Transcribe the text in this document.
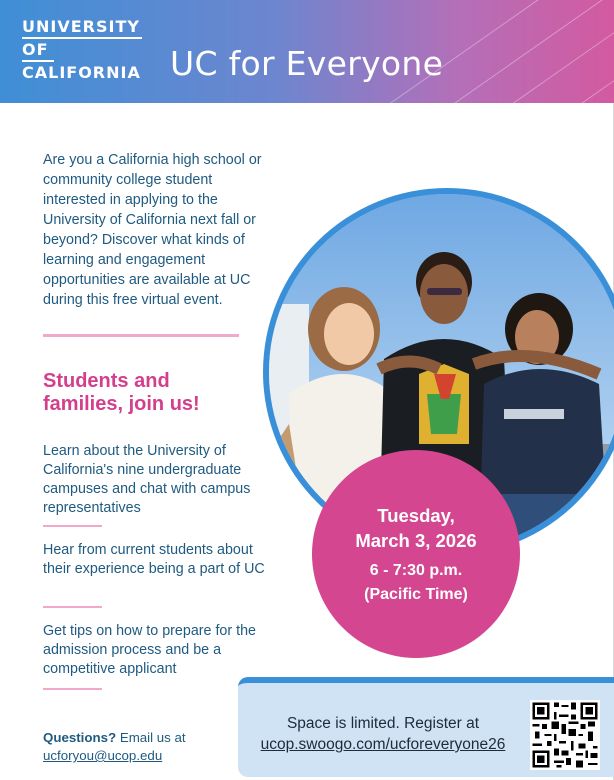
UNIVERSITY
OF
CALIFORNIA UC for Everyone

Are you a California high school or community college student interested in applying to the University of California next fall or beyond? Discover what kinds of learning and engagement opportunities are available at UC during this free virtual event.

Students and families, join us!

Learn about the University of California's nine undergraduate campuses and chat with campus representatives

Hear from current students about their experience being a part of UC

Get tips on how to prepare for the admission process and be a competitive applicant

Questions? Email us at
ucforyou@ucop.edu

Tuesday,
March 3, 2026
6 - 7:30 p.m.
(Pacific Time)

Space is limited. Register at
ucop.swoogo.com/ucforeveryone26
